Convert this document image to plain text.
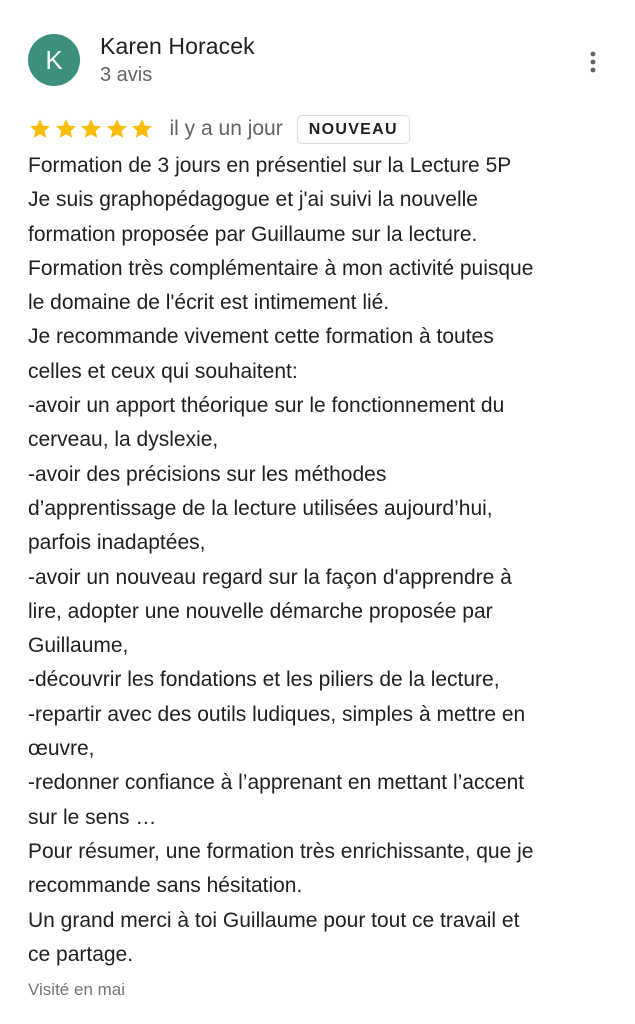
K Karen Horacek
3 avis
il y a un jour	NOUVEAU
Formation de 3 jours en présentiel sur la Lecture 5P
Je suis graphopédagogue et j'ai suivi la nouvelle
formation proposée par Guillaume sur la lecture.
Formation très complémentaire à mon activité puisque
le domaine de l'écrit est intimement lié.
Je recommande vivement cette formation à toutes
celles et ceux qui souhaitent:
-avoir un apport théorique sur le fonctionnement du
cerveau, la dyslexie,
-avoir des précisions sur les méthodes
d’apprentissage de la lecture utilisées aujourd’hui,
parfois inadaptées,
-avoir un nouveau regard sur la façon d'apprendre à
lire, adopter une nouvelle démarche proposée par
Guillaume,
-découvrir les fondations et les piliers de la lecture,
-repartir avec des outils ludiques, simples à mettre en
œuvre,
-redonner confiance à l’apprenant en mettant l’accent
sur le sens …
Pour résumer, une formation très enrichissante, que je
recommande sans hésitation.
Un grand merci à toi Guillaume pour tout ce travail et
ce partage.
Visité en mai
